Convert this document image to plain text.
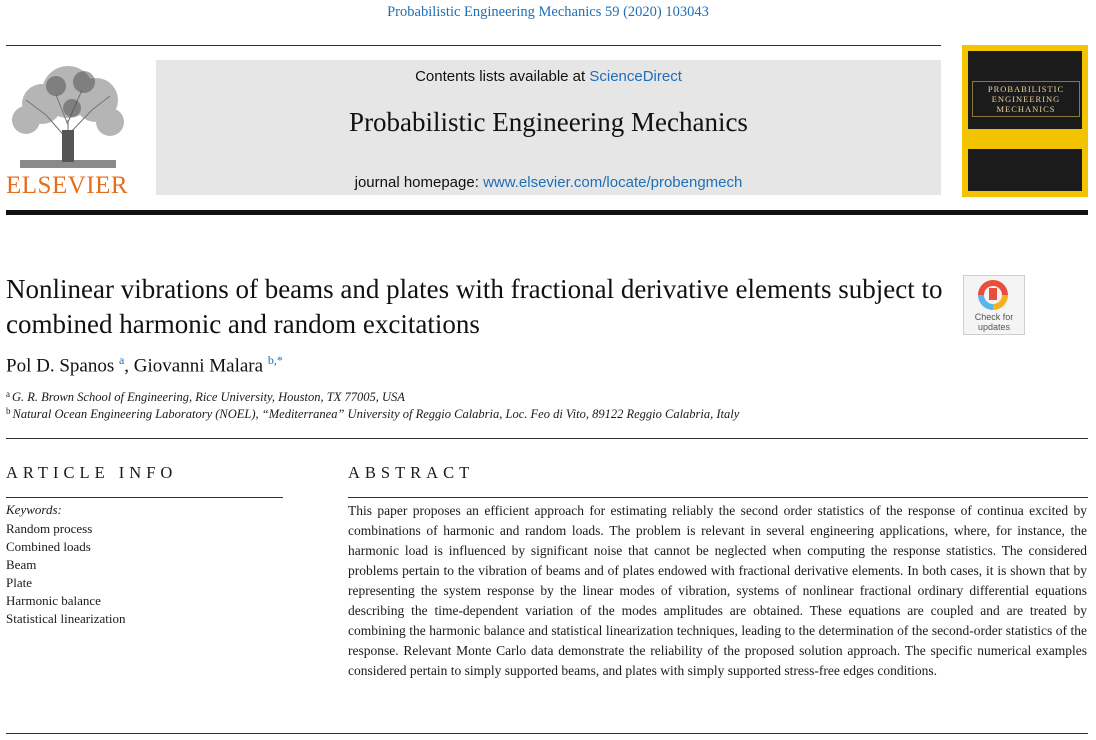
Probabilistic Engineering Mechanics 59 (2020) 103043
ELSEVIER
Contents lists available at ScienceDirect
Probabilistic Engineering Mechanics
journal homepage: www.elsevier.com/locate/probengmech
PROBABILISTIC ENGINEERING MECHANICS
Nonlinear vibrations of beams and plates with fractional derivative elements subject to combined harmonic and random excitations	Check for updates
Pol D. Spanos $^a$, Giovanni Malara $^{b,*}$
$^a$ G. R. Brown School of Engineering, Rice University, Houston, TX 77005, USA
$^b$ Natural Ocean Engineering Laboratory (NOEL), “Mediterranea” University of Reggio Calabria, Loc. Feo di Vito, 89122 Reggio Calabria, Italy
ARTICLE INFO
Keywords:
Random process
Combined loads
Beam
Plate
Harmonic balance
Statistical linearization
ABSTRACT
This paper proposes an efficient approach for estimating reliably the second order statistics of the response of continua excited by combinations of harmonic and random loads. The problem is relevant in several engineering applications, where, for instance, the harmonic load is influenced by significant noise that cannot be neglected when computing the response statistics. The considered problems pertain to the vibration of beams and of plates endowed with fractional derivative elements. In both cases, it is shown that by representing the system response by the linear modes of vibration, systems of nonlinear fractional ordinary differential equations describing the time-dependent variation of the modes amplitudes are obtained. These equations are coupled and are treated by combining the harmonic balance and statistical linearization techniques, leading to the determination of the second-order statistics of the response. Relevant Monte Carlo data demonstrate the reliability of the proposed solution approach. The specific numerical examples considered pertain to simply supported beams, and plates with simply supported stress-free edges conditions.
